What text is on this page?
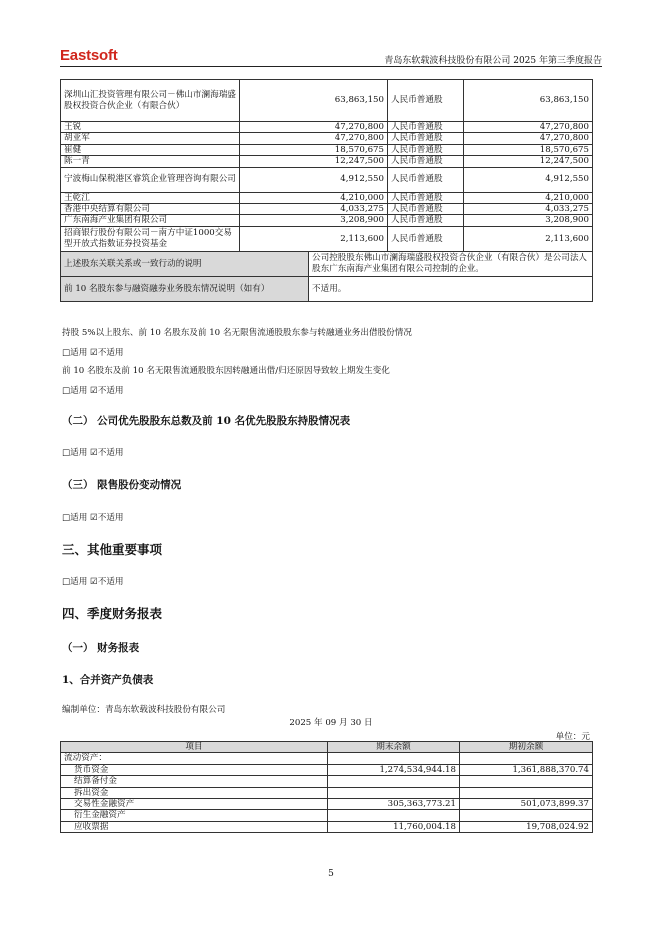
Eastsoft	青岛东软载波科技股份有限公司 2025 年第三季度报告
深圳山汇投资管理有限公司－佛山市澜海瑞盛股权投资合伙企业（有限合伙）	63,863,150		人民币普通股	63,863,150
王锐	47,270,800		人民币普通股	47,270,800
胡亚军	47,270,800		人民币普通股	47,270,800
崔健	18,570,675		人民币普通股	18,570,675
陈一青	12,247,500		人民币普通股	12,247,500
宁波梅山保税港区睿筑企业管理咨询有限公司	4,912,550		人民币普通股	4,912,550
王乾江	4,210,000		人民币普通股	4,210,000
香港中央结算有限公司	4,033,275		人民币普通股	4,033,275
广东南海产业集团有限公司	3,208,900		人民币普通股	3,208,900
招商银行股份有限公司－南方中证1000交易型开放式指数证券投资基金	2,113,600		人民币普通股	2,113,600
上述股东关联关系或一致行动的说明		公司控股股东佛山市澜海瑞盛股权投资合伙企业（有限合伙）是公司法人股东广东南海产业集团有限公司控制的企业。		
前 10 名股东参与融资融券业务股东情况说明（如有）		不适用。		
持股 5%以上股东、前 10 名股东及前 10 名无限售流通股股东参与转融通业务出借股份情况
□适用 ☑不适用
前 10 名股东及前 10 名无限售流通股股东因转融通出借/归还原因导致较上期发生变化
□适用 ☑不适用
（二） 公司优先股股东总数及前 10 名优先股股东持股情况表
□适用 ☑不适用
（三） 限售股份变动情况
□适用 ☑不适用
三、其他重要事项
□适用 ☑不适用
四、季度财务报表
（一） 财务报表
1、合并资产负债表
编制单位：青岛东软载波科技股份有限公司
2025 年 09 月 30 日
单位：元
项目	期末余额	期初余额
流动资产：		
货币资金	1,274,534,944.18	1,361,888,370.74
结算备付金		
拆出资金		
交易性金融资产	305,363,773.21	501,073,899.37
衍生金融资产		
应收票据	11,760,004.18	19,708,024.92
5
